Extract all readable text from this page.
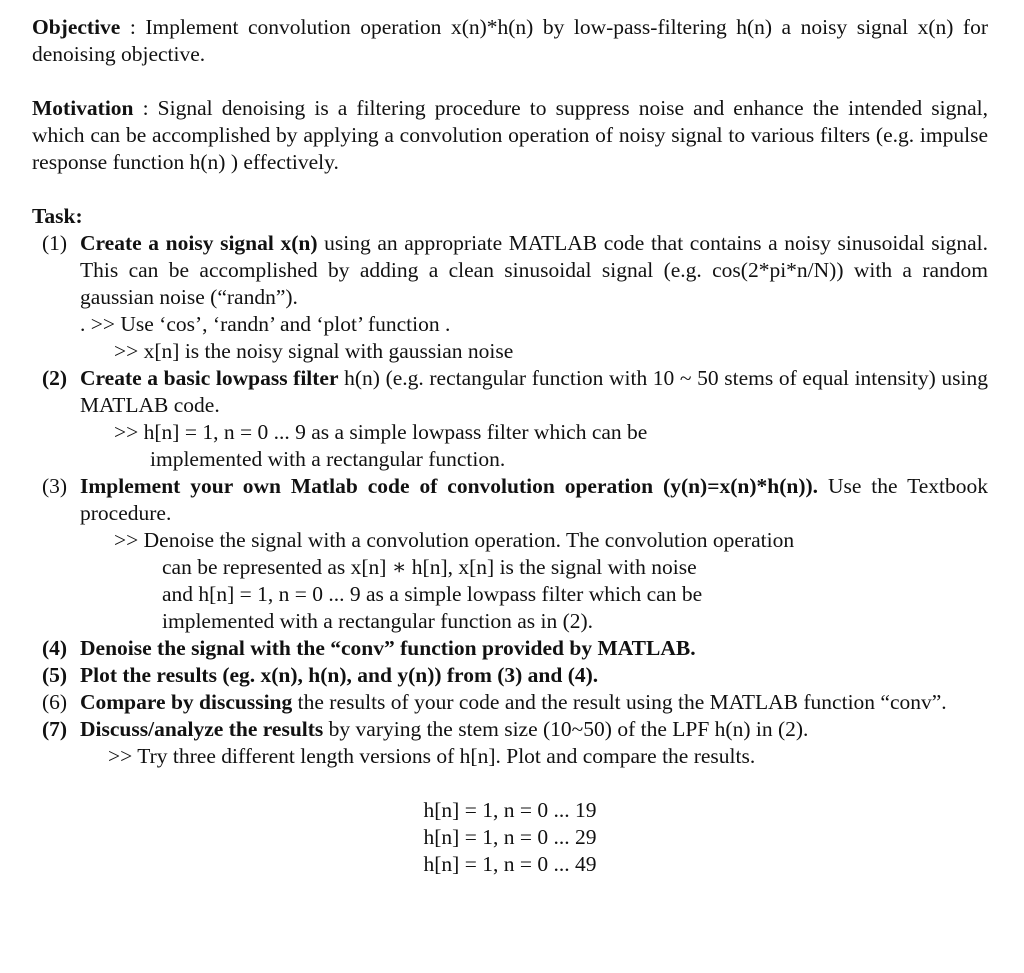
Objective : Implement convolution operation x(n)*h(n) by low-pass-filtering h(n) a noisy signal x(n) for denoising objective.

Motivation : Signal denoising is a filtering procedure to suppress noise and enhance the intended signal, which can be accomplished by applying a convolution operation of noisy signal to various filters (e.g. impulse response function h(n) ) effectively.

Task:

(1) Create a noisy signal x(n) using an appropriate MATLAB code that contains a noisy sinusoidal signal. This can be accomplished by adding a clean sinusoidal signal (e.g. cos(2*pi*n/N)) with a random gaussian noise (“randn”).

. >> Use ‘cos’, ‘randn’ and ‘plot’ function .

>> x[n] is the noisy signal with gaussian noise

(2) Create a basic lowpass filter h(n) (e.g. rectangular function with 10 ~ 50 stems of equal intensity) using MATLAB code.

>> h[n] = 1, n = 0 ... 9 as a simple lowpass filter which can be

implemented with a rectangular function.

(3) Implement your own Matlab code of convolution operation (y(n)=x(n)*h(n)). Use the Textbook procedure.

>> Denoise the signal with a convolution operation. The convolution operation

can be represented as x[n] ∗ h[n], x[n] is the signal with noise

and h[n] = 1, n = 0 ... 9 as a simple lowpass filter which can be

implemented with a rectangular function as in (2).

(4) Denoise the signal with the “conv” function provided by MATLAB.

(5) Plot the results (eg. x(n), h(n), and y(n)) from (3) and (4).

(6) Compare by discussing the results of your code and the result using the MATLAB function “conv”.

(7) Discuss/analyze the results by varying the stem size (10~50) of the LPF h(n) in (2).

>> Try three different length versions of h[n]. Plot and compare the results.

h[n] = 1, n = 0 ... 19

h[n] = 1, n = 0 ... 29

h[n] = 1, n = 0 ... 49
